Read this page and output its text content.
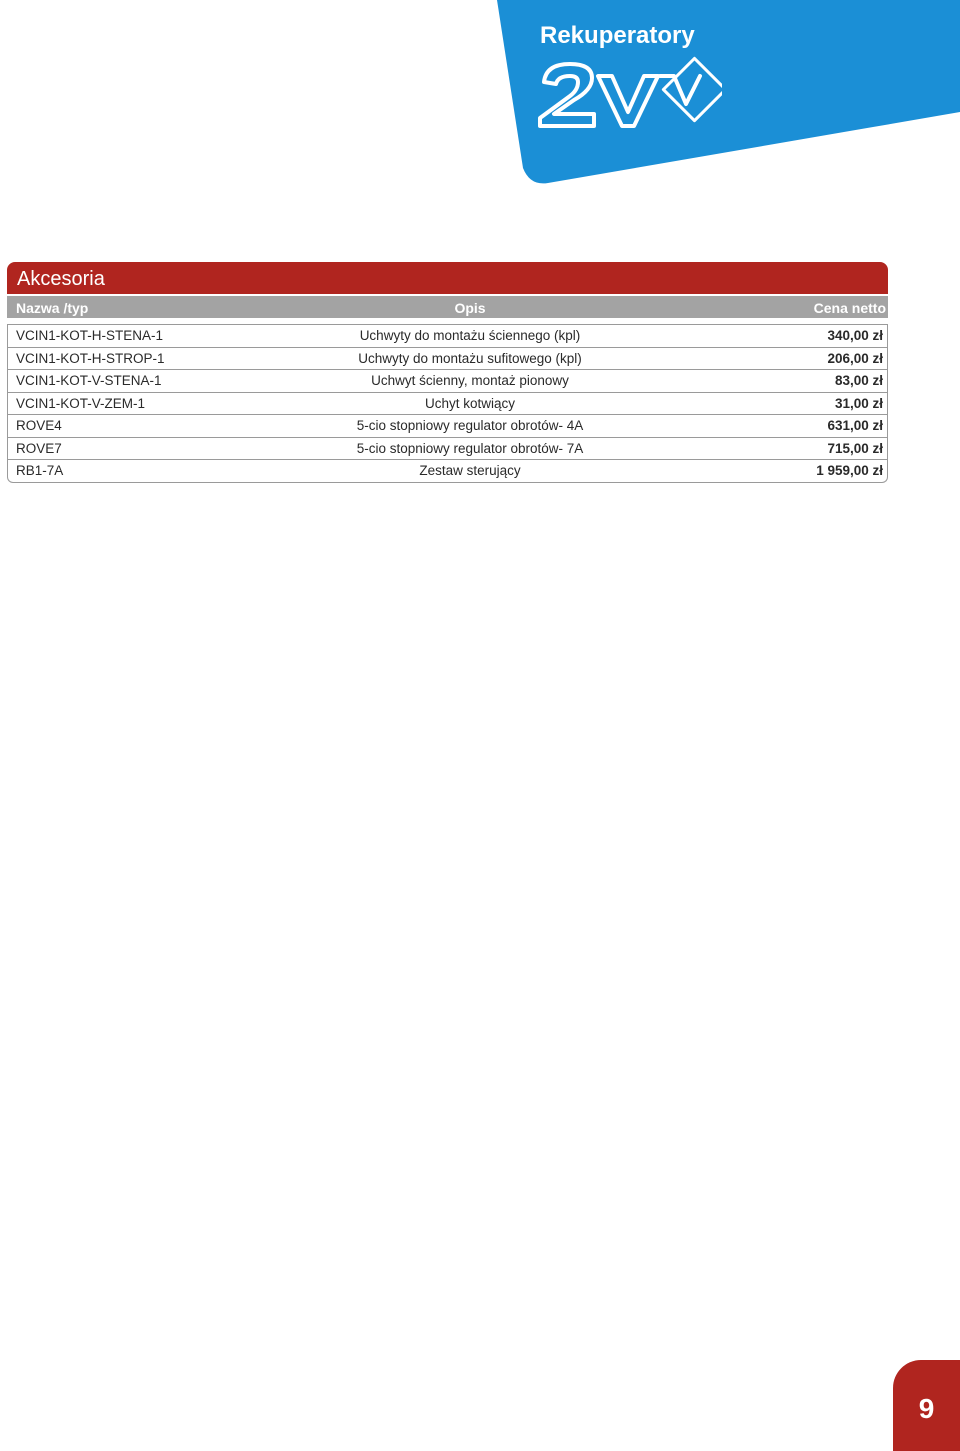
Rekuperatory
Akcesoria
Nazwa /typ	Opis	Cena netto
VCIN1-KOT-H-STENA-1	Uchwyty do montażu ściennego (kpl)	340,00 zł
VCIN1-KOT-H-STROP-1	Uchwyty do montażu sufitowego (kpl)	206,00 zł
VCIN1-KOT-V-STENA-1	Uchwyt ścienny, montaż pionowy	83,00 zł
VCIN1-KOT-V-ZEM-1	Uchyt kotwiący	31,00 zł
ROVE4	5-cio stopniowy regulator obrotów- 4A	631,00 zł
ROVE7	5-cio stopniowy regulator obrotów- 7A	715,00 zł
RB1-7A	Zestaw sterujący	1 959,00 zł
9
